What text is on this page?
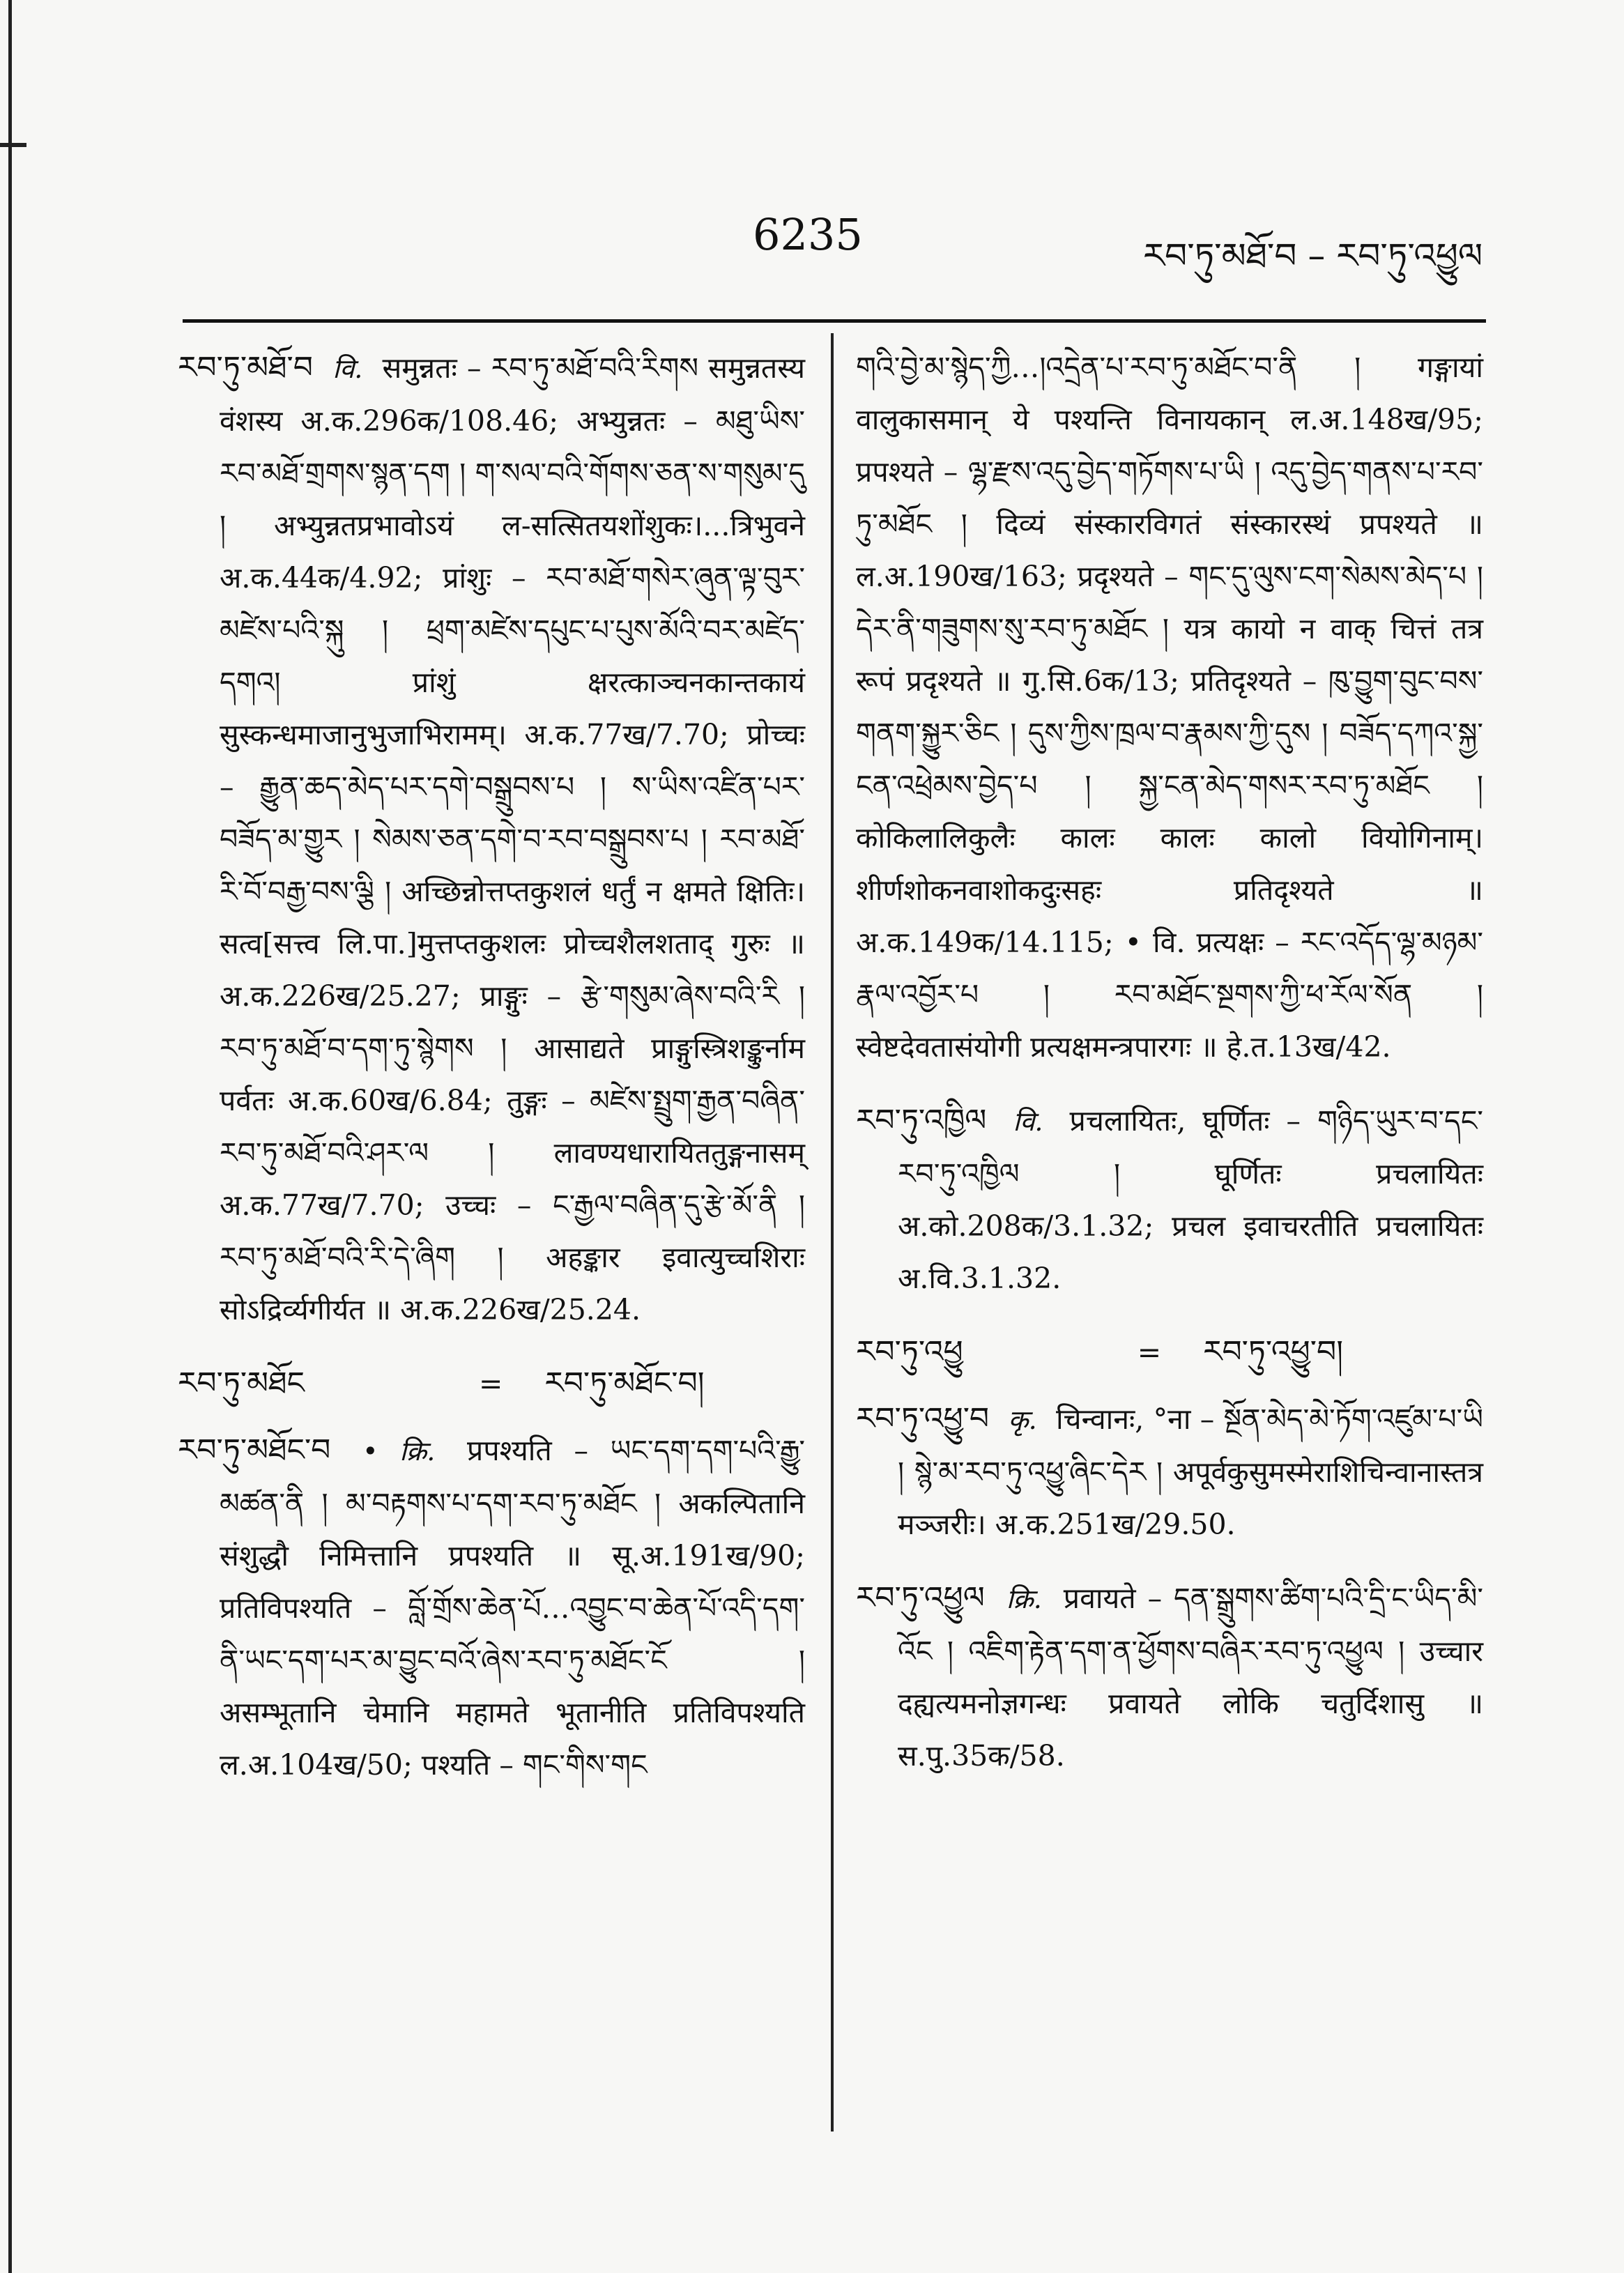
6235	རབ་ཏུ་མཐོ་བ – རབ་ཏུ་འཕྱུལ
རབ་ཏུ་མཐོ་བ वि. समुन्नतः – རབ་ཏུ་མཐོ་བའི་རིགས समुन्नतस्य वंशस्य अ.क.296क/108.46; अभ्युन्नतः – མཐུ་ཡིས་རབ་མཐོ་གྲགས་སྙན་དག ། ག་སལ་བའི་གོགས་ཅན་ས་གསུམ་དུ ། अभ्युन्नतप्रभावोऽयं ल-सत्सितयशोंशुकः।...त्रिभुवने अ.क.44क/4.92; प्रांशुः – རབ་མཐོ་གསེར་ཞུན་ལྟ་བུར་མཛེས་པའི་སྐུ ། ཕྲག་མཛེས་དཔུང་པ་པུས་མོའི་བར་མཛེད་དགའ། प्रांशुं क्षरत्काञ्चनकान्तकायं सुस्कन्धमाजानुभुजाभिरामम्। अ.क.77ख/7.70; प्रोच्चः – རྒྱུན་ཆད་མེད་པར་དགེ་བསྒྲུབས་པ ། ས་ཡིས་འཛིན་པར་བཟོད་མ་གྱུར ། སེམས་ཅན་དགེ་བ་རབ་བསྒྲུབས་པ ། རབ་མཐོ་རི་བོ་བརྒྱ་བས་ལྕི ། अच्छिन्नोत्तप्तकुशलं धर्तुं न क्षमते क्षितिः। सत्व[सत्त्व लि.पा.]मुत्तप्तकुशलः प्रोच्चशैलशताद् गुरुः ॥ अ.क.226ख/25.27; प्राङ्गुः – རྩེ་གསུམ་ཞེས་བའི་རི ། རབ་ཏུ་མཐོ་བ་དག་ཏུ་སྙེགས ། आसाद्यते प्राङ्गुस्त्रिशङ्कुर्नाम पर्वतः अ.क.60ख/6.84; तुङ्गः – མཛེས་སྤྲུག་རྒྱན་བཞིན་རབ་ཏུ་མཐོ་བའི་ཤར་ལ ། लावण्यधारायिततुङ्गनासम् अ.क.77ख/7.70; उच्चः – ང་རྒྱལ་བཞིན་དུ་རྩེ་མོ་ནི ། རབ་ཏུ་མཐོ་བའི་རི་དེ་ཞིག ། अहङ्कार इवात्युच्चशिराः सोऽद्रिर्व्यगीर्यत ॥ अ.क.226ख/25.24.
རབ་ཏུ་མཐོང	= རབ་ཏུ་མཐོང་བ།
རབ་ཏུ་མཐོང་བ • क्रि. प्रपश्यति – ཡང་དག་དག་པའི་རྒྱུ་མཚན་ནི ། མ་བརྟགས་པ་དག་རབ་ཏུ་མཐོང ། अकल्पितानि संशुद्धौ निमित्तानि प्रपश्यति ॥ सू.अ.191ख/90; प्रतिविपश्यति – བློ་གྲོས་ཆེན་པོ…འབྱུང་བ་ཆེན་པོ་འདི་དག་ནི་ཡང་དག་པར་མ་བྱུང་བའོ་ཞེས་རབ་ཏུ་མཐོང་ངོ ། असम्भूतानि चेमानि महामते भूतानीति प्रतिविपश्यति ल.अ.104ख/50; पश्यति – གང་གིས་གང
གའི་བྱེ་མ་སྙེད་ཀྱི…།འདྲེན་པ་རབ་ཏུ་མཐོང་བ་ནི ། गङ्गायां वालुकासमान् ये पश्यन्ति विनायकान् ल.अ.148ख/95; प्रपश्यते – ལྷ་རྫས་འདུ་བྱེད་གཏོགས་པ་ཡི ། འདུ་བྱེད་གནས་པ་རབ་ཏུ་མཐོང ། दिव्यं संस्कारविगतं संस्कारस्थं प्रपश्यते ॥ ल.अ.190ख/163; प्रदृश्यते – གང་དུ་ལུས་ངག་སེམས་མེད་པ ། དེར་ནི་གཟུགས་སུ་རབ་ཏུ་མཐོང ། यत्र कायो न वाक् चित्तं तत्र रूपं प्रदृश्यते ॥ गु.सि.6क/13; प्रतिदृश्यते – ཁུ་བྱུག་བུང་བས་གནག་སྐྱུར་ཅིང ། དུས་ཀྱིས་ཁྲལ་བ་རྣམས་ཀྱི་དུས ། བཟོད་དཀའ་སྐྱ་ངན་འཕྲེམས་བྱེད་པ ། སྐྱ་ངན་མེད་གསར་རབ་ཏུ་མཐོང ། कोकिलालिकुलैः कालः कालः कालो वियोगिनाम्। शीर्णशोकनवाशोकदुःसहः प्रतिदृश्यते ॥ अ.क.149क/14.115; • वि. प्रत्यक्षः – རང་འདོད་ལྷ་མཉམ་རྣལ་འབྱོར་པ ། རབ་མཐོང་སྔགས་ཀྱི་ཕ་རོལ་སོན ། स्वेष्टदेवतासंयोगी प्रत्यक्षमन्त्रपारगः ॥ हे.त.13ख/42.
རབ་ཏུ་འཁྱིལ वि. प्रचलायितः, घूर्णितः – གཉིད་ཡུར་བ་དང་རབ་ཏུ་འཁྱིལ ། घूर्णितः प्रचलायितः अ.को.208क/3.1.32; प्रचल इवाचरतीति प्रचलायितः अ.वि.3.1.32.
རབ་ཏུ་འཕྱུ	= རབ་ཏུ་འཕྱུ་བ།
རབ་ཏུ་འཕྱུ་བ कृ. चिन्वानः, °ना – སྔོན་མེད་མེ་ཏོག་འཛུམ་པ་ཡི ། སྙེ་མ་རབ་ཏུ་འཕྱུ་ཞིང་དེར ། अपूर्वकुसुमस्मेराशिचिन्वानास्तत्र मञ्जरीः। अ.क.251ख/29.50.
རབ་ཏུ་འཕྱུལ क्रि. प्रवायते – དན་སྒྲུགས་ཚིག་པའི་དྲི་ང་ཡིད་མི་འོང ། འཇིག་རྟེན་དག་ན་ཕྱོགས་བཞིར་རབ་ཏུ་འཕྱུལ ། उच्चार दह्यत्यमनोज्ञगन्धः प्रवायते लोकि चतुर्दिशासु ॥ स.पु.35क/58.
